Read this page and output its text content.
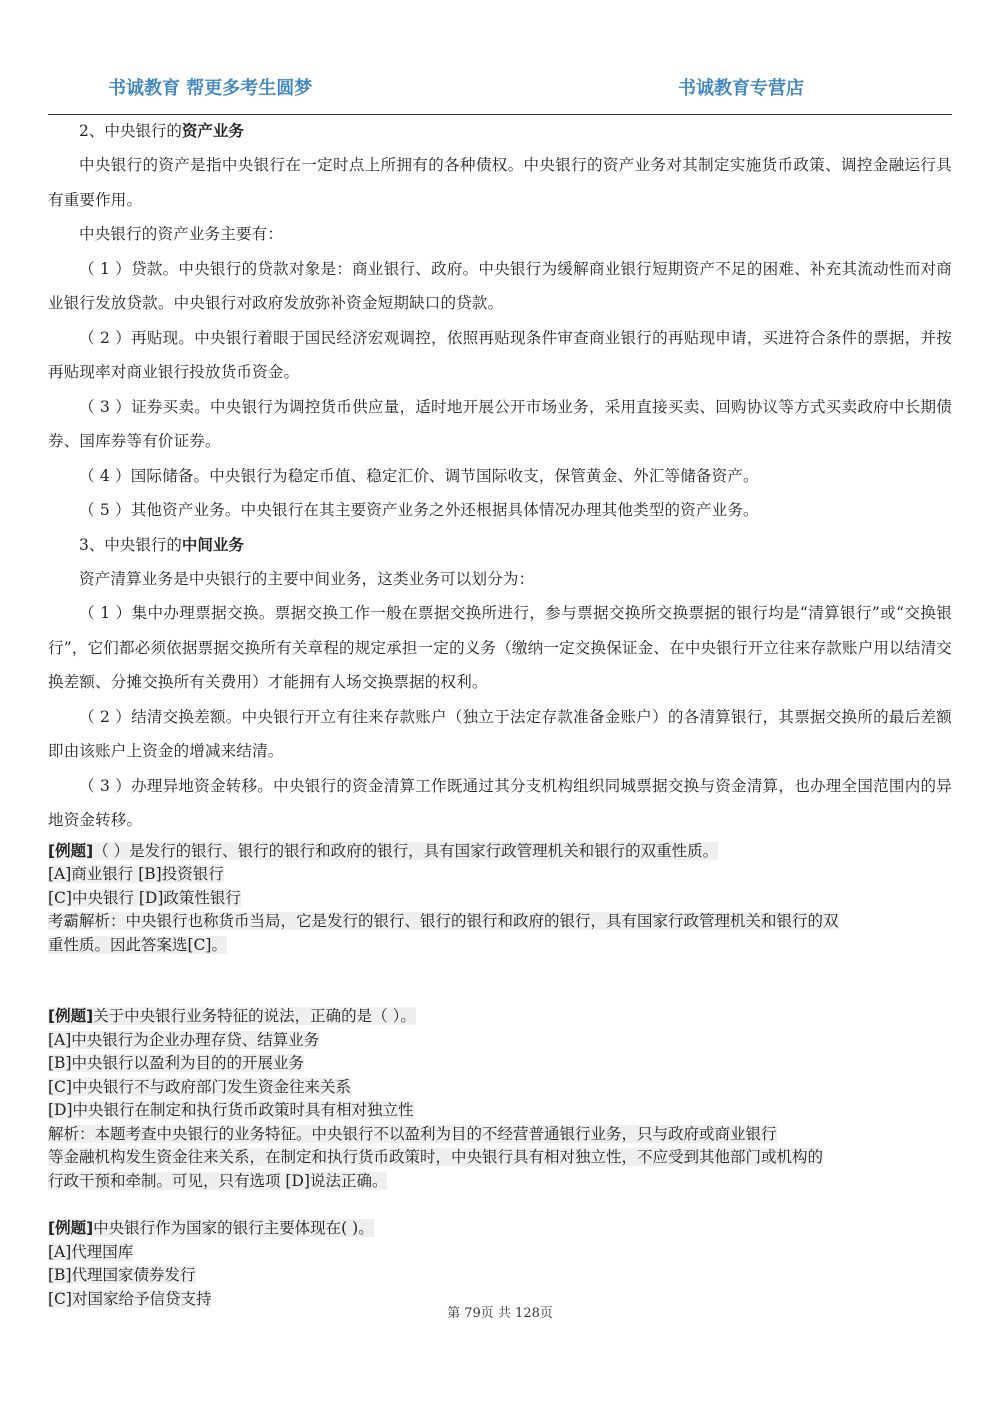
书诚教育 帮更多考生圆梦	书诚教育专营店

2、中央银行的资产业务

中央银行的资产是指中央银行在一定时点上所拥有的各种债权。中央银行的资产业务对其制定实施货币政策、调控金融运行具有重要作用。

中央银行的资产业务主要有：

（ 1 ）贷款。中央银行的贷款对象是：商业银行、政府。中央银行为缓解商业银行短期资产不足的困难、补充其流动性而对商业银行发放贷款。中央银行对政府发放弥补资金短期缺口的贷款。

（ 2 ）再贴现。中央银行着眼于国民经济宏观调控，依照再贴现条件审查商业银行的再贴现申请，买进符合条件的票据，并按再贴现率对商业银行投放货币资金。

（ 3 ）证券买卖。中央银行为调控货币供应量，适时地开展公开市场业务，采用直接买卖、回购协议等方式买卖政府中长期债券、国库券等有价证券。

（ 4 ）国际储备。中央银行为稳定币值、稳定汇价、调节国际收支，保管黄金、外汇等储备资产。

（ 5 ）其他资产业务。中央银行在其主要资产业务之外还根据具体情况办理其他类型的资产业务。

3、中央银行的中间业务

资产清算业务是中央银行的主要中间业务，这类业务可以划分为：

（ 1 ）集中办理票据交换。票据交换工作一般在票据交换所进行，参与票据交换所交换票据的银行均是“清算银行”或“交换银行”，它们都必须依据票据交换所有关章程的规定承担一定的义务（缴纳一定交换保证金、在中央银行开立往来存款账户用以结清交换差额、分摊交换所有关费用）才能拥有人场交换票据的权利。

（ 2 ）结清交换差额。中央银行开立有往来存款账户（独立于法定存款准备金账户）的各清算银行，其票据交换所的最后差额即由该账户上资金的增减来结清。

（ 3 ）办理异地资金转移。中央银行的资金清算工作既通过其分支机构组织同城票据交换与资金清算，也办理全国范围内的异地资金转移。

[例题]（ ）是发行的银行、银行的银行和政府的银行，具有国家行政管理机关和银行的双重性质。

[A]商业银行 [B]投资银行

[C]中央银行 [D]政策性银行

考霸解析：中央银行也称货币当局，它是发行的银行、银行的银行和政府的银行，具有国家行政管理机关和银行的双

重性质。因此答案选[C]。

[例题]关于中央银行业务特征的说法，正确的是（ ）。

[A]中央银行为企业办理存贷、结算业务

[B]中央银行以盈利为目的的开展业务

[C]中央银行不与政府部门发生资金往来关系

[D]中央银行在制定和执行货币政策时具有相对独立性

解析：本题考查中央银行的业务特征。中央银行不以盈利为目的不经营普通银行业务，只与政府或商业银行

等金融机构发生资金往来关系，在制定和执行货币政策时，中央银行具有相对独立性，不应受到其他部门或机构的

行政干预和牵制。可见，只有选项 [D]说法正确。

[例题]中央银行作为国家的银行主要体现在( )。

[A]代理国库

[B]代理国家债券发行

[C]对国家给予信贷支持

第 79页 共 128页
